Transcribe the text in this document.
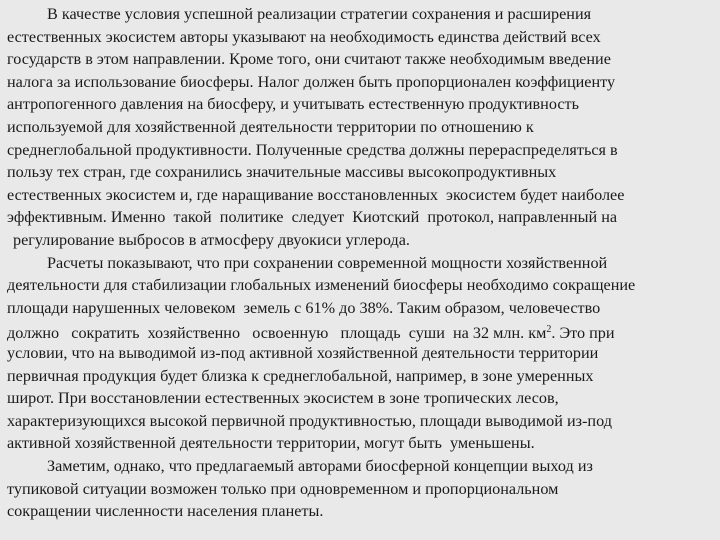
В качестве условия успешной реализации стратегии сохранения и расширения
естественных экосистем авторы указывают на необходимость единства действий всех
государств в этом направлении. Кроме того, они считают также необходимым введение
налога за использование биосферы. Налог должен быть пропорционален коэффициенту
антропогенного давления на биосферу, и учитывать естественную продуктивность
используемой для хозяйственной деятельности территории по отношению к
среднеглобальной продуктивности. Полученные средства должны перераспределяться в
пользу тех стран, где сохранились значительные массивы высокопродуктивных
естественных экосистем и, где наращивание восстановленных  экосистем будет наиболее
эффективным. Именно  такой  политике  следует  Киотский  протокол, направленный на
регулирование выбросов в атмосферу двуокиси углерода.
Расчеты показывают, что при сохранении современной мощности хозяйственной
деятельности для стабилизации глобальных изменений биосферы необходимо сокращение
площади нарушенных человеком  земель с 61% до 38%. Таким образом, человечество
должно   сократить  хозяйственно   освоенную   площадь  суши  на 32 млн. $км^2$. Это при
условии, что на выводимой из-под активной хозяйственной деятельности территории
первичная продукция будет близка к среднеглобальной, например, в зоне умеренных
широт. При восстановлении естественных экосистем в зоне тропических лесов,
характеризующихся высокой первичной продуктивностью, площади выводимой из-под
активной хозяйственной деятельности территории, могут быть  уменьшены.
Заметим, однако, что предлагаемый авторами биосферной концепции выход из
тупиковой ситуации возможен только при одновременном и пропорциональном
сокращении численности населения планеты.
